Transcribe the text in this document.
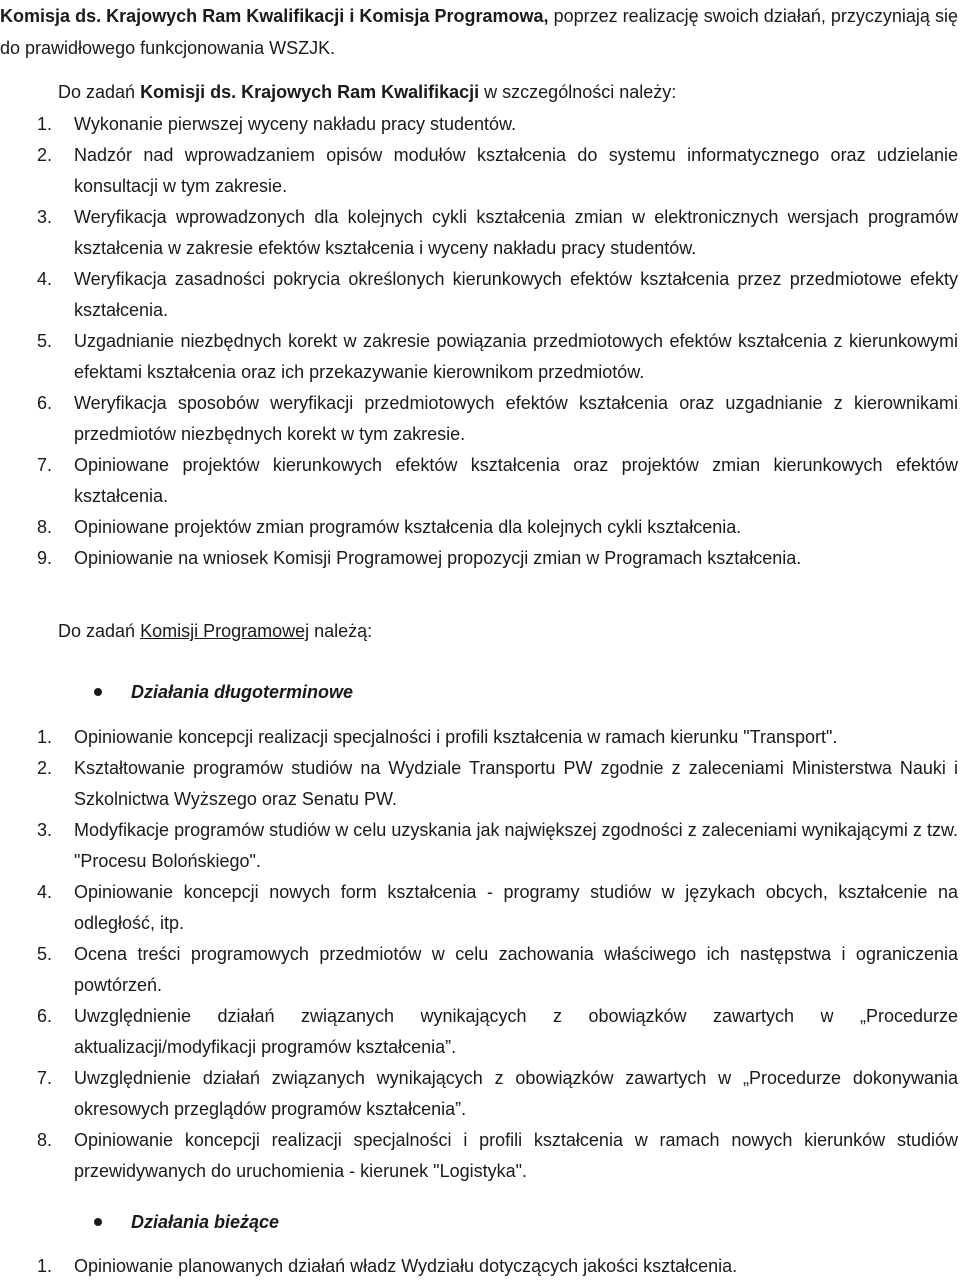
Komisja ds. Krajowych Ram Kwalifikacji i Komisja Programowa, poprzez realizację swoich działań, przyczyniają się do prawidłowego funkcjonowania WSZJK.

Do zadań Komisji ds. Krajowych Ram Kwalifikacji w szczególności należy:
1. Wykonanie pierwszej wyceny nakładu pracy studentów.
2. Nadzór nad wprowadzaniem opisów modułów kształcenia do systemu informatycznego oraz udzielanie konsultacji w tym zakresie.
3. Weryfikacja wprowadzonych dla kolejnych cykli kształcenia zmian w elektronicznych wersjach programów kształcenia w zakresie efektów kształcenia i wyceny nakładu pracy studentów.
4. Weryfikacja zasadności pokrycia określonych kierunkowych efektów kształcenia przez przedmiotowe efekty kształcenia.
5. Uzgadnianie niezbędnych korekt w zakresie powiązania przedmiotowych efektów kształcenia z kierunkowymi efektami kształcenia oraz ich przekazywanie kierownikom przedmiotów.
6. Weryfikacja sposobów weryfikacji przedmiotowych efektów kształcenia oraz uzgadnianie z kierownikami przedmiotów niezbędnych korekt w tym zakresie.
7. Opiniowane projektów kierunkowych efektów kształcenia oraz projektów zmian kierunkowych efektów kształcenia.
8. Opiniowane projektów zmian programów kształcenia dla kolejnych cykli kształcenia.
9. Opiniowanie na wniosek Komisji Programowej propozycji zmian w Programach kształcenia.
Do zadań Komisji Programowej należą:
Działania długoterminowe
1. Opiniowanie koncepcji realizacji specjalności i profili kształcenia w ramach kierunku "Transport".
2. Kształtowanie programów studiów na Wydziale Transportu PW zgodnie z zaleceniami Ministerstwa Nauki i Szkolnictwa Wyższego oraz Senatu PW.
3. Modyfikacje programów studiów w celu uzyskania jak największej zgodności z zaleceniami wynikającymi z tzw. "Procesu Bolońskiego".
4. Opiniowanie koncepcji nowych form kształcenia - programy studiów w językach obcych, kształcenie na odległość, itp.
5. Ocena treści programowych przedmiotów w celu zachowania właściwego ich następstwa i ograniczenia powtórzeń.
6. Uwzględnienie działań związanych wynikających z obowiązków zawartych w „Procedurze aktualizacji/modyfikacji programów kształcenia”.
7. Uwzględnienie działań związanych wynikających z obowiązków zawartych w „Procedurze dokonywania okresowych przeglądów programów kształcenia”.
8. Opiniowanie koncepcji realizacji specjalności i profili kształcenia w ramach nowych kierunków studiów przewidywanych do uruchomienia - kierunek "Logistyka".
Działania bieżące
1. Opiniowanie planowanych działań władz Wydziału dotyczących jakości kształcenia.
